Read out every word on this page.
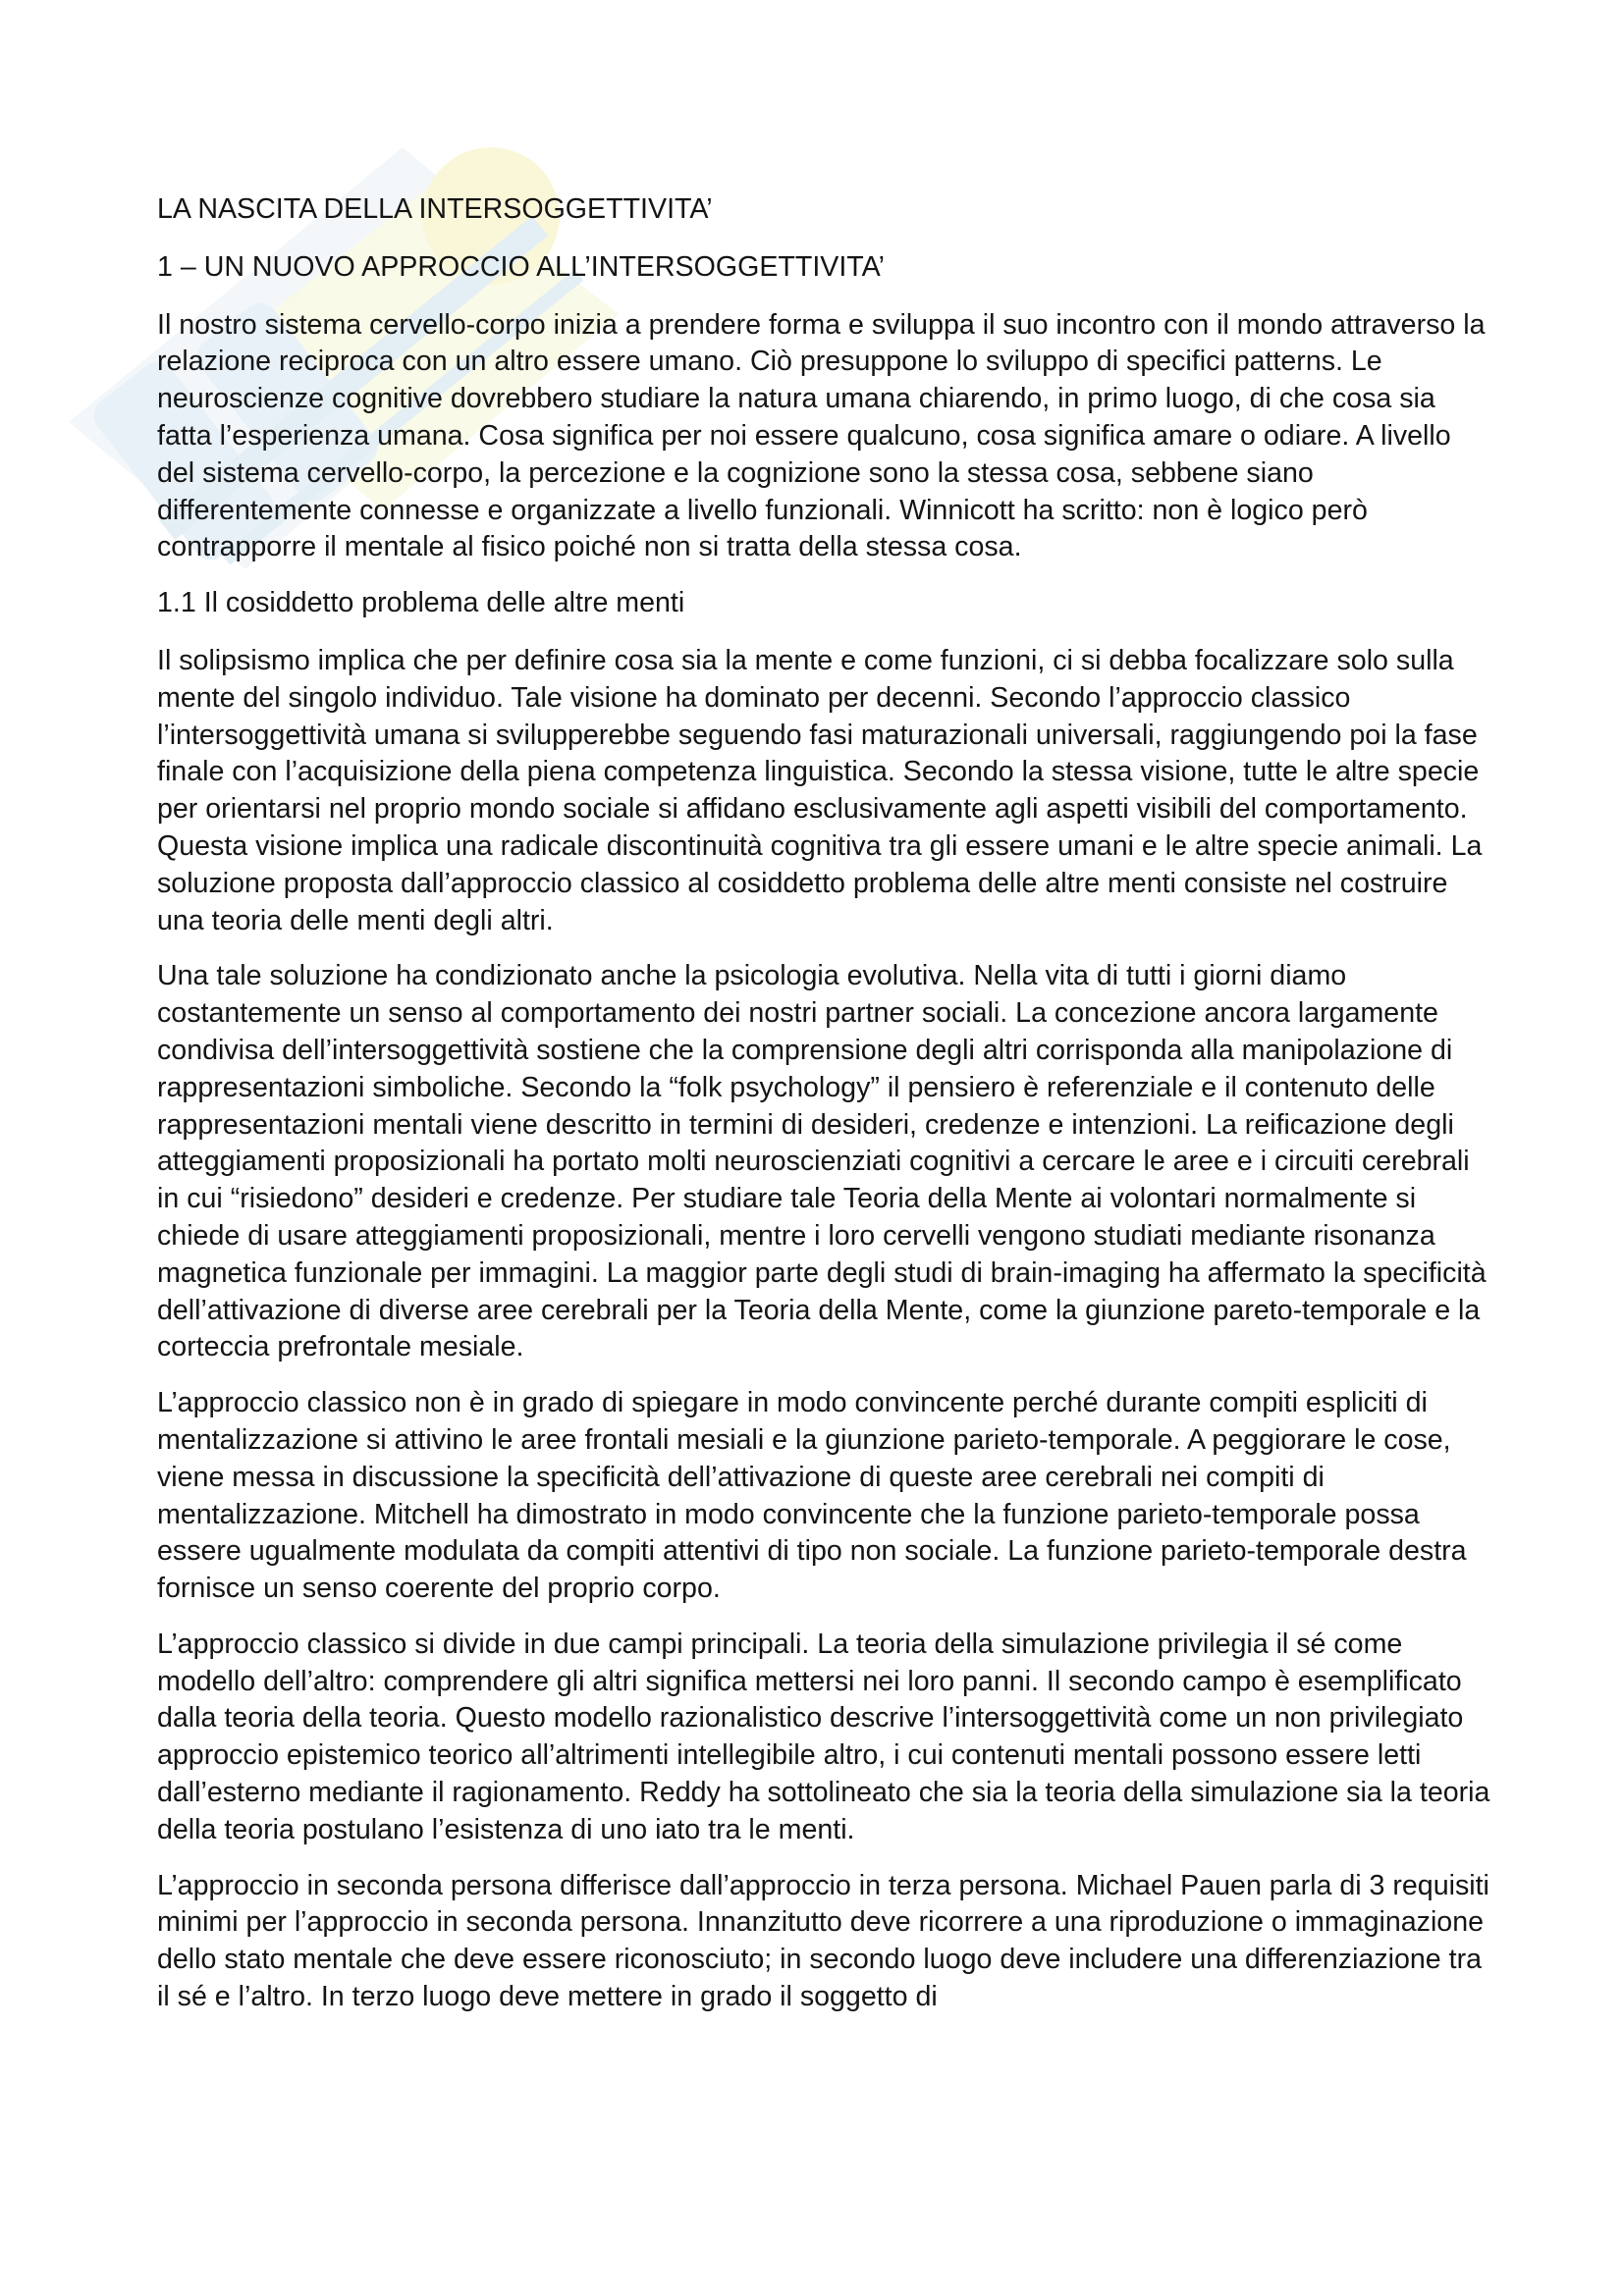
LA NASCITA DELLA INTERSOGGETTIVITA’

1 – UN NUOVO APPROCCIO ALL’INTERSOGGETTIVITA’

Il nostro sistema cervello-corpo inizia a prendere forma e sviluppa il suo incontro con il mondo attraverso la relazione reciproca con un altro essere umano. Ciò presuppone lo sviluppo di specifici patterns. Le neuroscienze cognitive dovrebbero studiare la natura umana chiarendo, in primo luogo, di che cosa sia fatta l’esperienza umana. Cosa significa per noi essere qualcuno, cosa significa amare o odiare. A livello del sistema cervello-corpo, la percezione e la cognizione sono la stessa cosa, sebbene siano differentemente connesse e organizzate a livello funzionali. Winnicott ha scritto: non è logico però contrapporre il mentale al fisico poiché non si tratta della stessa cosa.

1.1 Il cosiddetto problema delle altre menti

Il solipsismo implica che per definire cosa sia la mente e come funzioni, ci si debba focalizzare solo sulla mente del singolo individuo. Tale visione ha dominato per decenni. Secondo l’approccio classico l’intersoggettività umana si svilupperebbe seguendo fasi maturazionali universali, raggiungendo poi la fase finale con l’acquisizione della piena competenza linguistica. Secondo la stessa visione, tutte le altre specie per orientarsi nel proprio mondo sociale si affidano esclusivamente agli aspetti visibili del comportamento. Questa visione implica una radicale discontinuità cognitiva tra gli essere umani e le altre specie animali. La soluzione proposta dall’approccio classico al cosiddetto problema delle altre menti consiste nel costruire una teoria delle menti degli altri.

Una tale soluzione ha condizionato anche la psicologia evolutiva. Nella vita di tutti i giorni diamo costantemente un senso al comportamento dei nostri partner sociali. La concezione ancora largamente condivisa dell’intersoggettività sostiene che la comprensione degli altri corrisponda alla manipolazione di rappresentazioni simboliche. Secondo la “folk psychology” il pensiero è referenziale e il contenuto delle rappresentazioni mentali viene descritto in termini di desideri, credenze e intenzioni. La reificazione degli atteggiamenti proposizionali ha portato molti neuroscienziati cognitivi a cercare le aree e i circuiti cerebrali in cui “risiedono” desideri e credenze. Per studiare tale Teoria della Mente ai volontari normalmente si chiede di usare atteggiamenti proposizionali, mentre i loro cervelli vengono studiati mediante risonanza magnetica funzionale per immagini. La maggior parte degli studi di brain-imaging ha affermato la specificità dell’attivazione di diverse aree cerebrali per la Teoria della Mente, come la giunzione pareto-temporale e la corteccia prefrontale mesiale.

L’approccio classico non è in grado di spiegare in modo convincente perché durante compiti espliciti di mentalizzazione si attivino le aree frontali mesiali e la giunzione parieto-temporale. A peggiorare le cose, viene messa in discussione la specificità dell’attivazione di queste aree cerebrali nei compiti di mentalizzazione. Mitchell ha dimostrato in modo convincente che la funzione parieto-temporale possa essere ugualmente modulata da compiti attentivi di tipo non sociale. La funzione parieto-temporale destra fornisce un senso coerente del proprio corpo.

L’approccio classico si divide in due campi principali. La teoria della simulazione privilegia il sé come modello dell’altro: comprendere gli altri significa mettersi nei loro panni. Il secondo campo è esemplificato dalla teoria della teoria. Questo modello razionalistico descrive l’intersoggettività come un non privilegiato approccio epistemico teorico all’altrimenti intellegibile altro, i cui contenuti mentali possono essere letti dall’esterno mediante il ragionamento. Reddy ha sottolineato che sia la teoria della simulazione sia la teoria della teoria postulano l’esistenza di uno iato tra le menti.

L’approccio in seconda persona differisce dall’approccio in terza persona. Michael Pauen parla di 3 requisiti minimi per l’approccio in seconda persona. Innanzitutto deve ricorrere a una riproduzione o immaginazione dello stato mentale che deve essere riconosciuto; in secondo luogo deve includere una differenziazione tra il sé e l’altro. In terzo luogo deve mettere in grado il soggetto di
